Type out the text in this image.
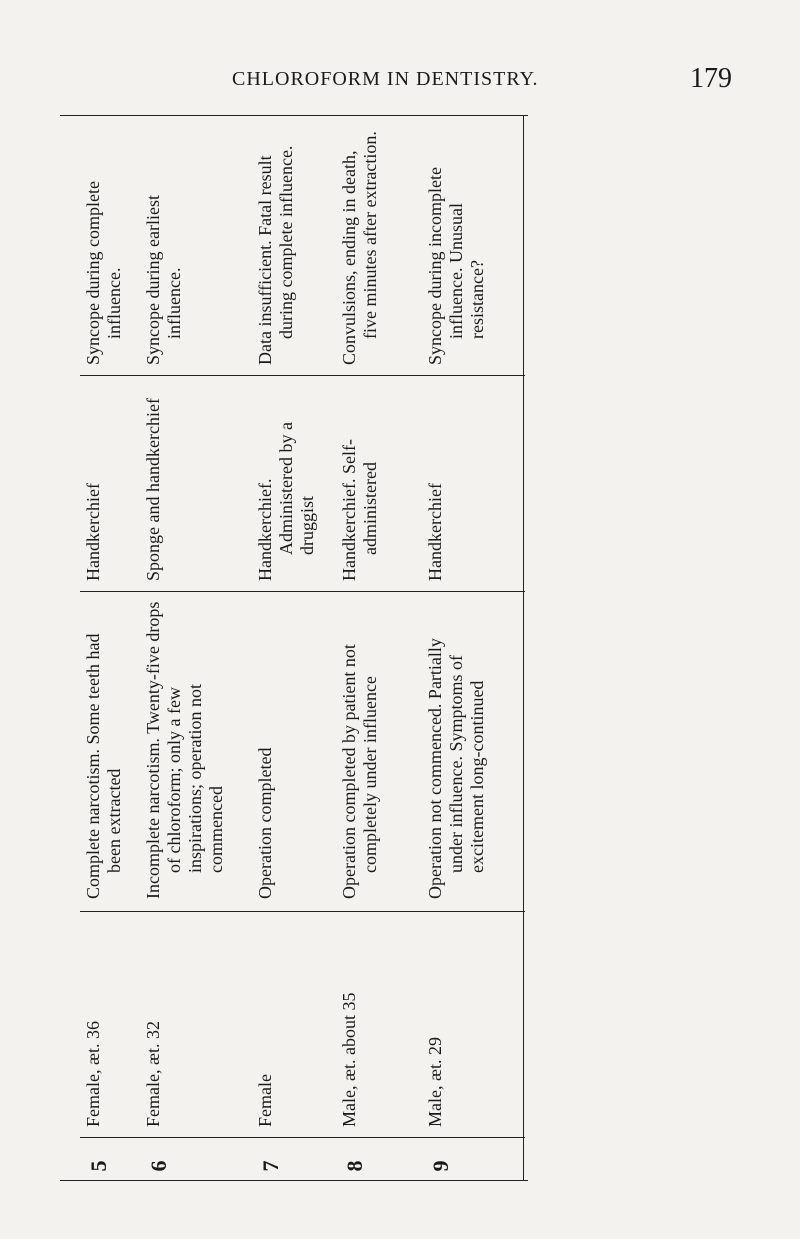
CHLOROFORM IN DENTISTRY.	179
5
Female, æt. 36
Complete narcotism. Some teeth had been extracted
Handkerchief
Syncope during complete influence.
6
Female, æt. 32
Incomplete narcotism. Twenty-five drops of chloroform; only a few inspirations; operation not commenced
Sponge and handkerchief
Syncope during earliest influence.
7
Female
Operation completed
Handkerchief. Administered by a druggist
Data insufficient. Fatal result during complete influence.
8
Male, æt. about 35
Operation completed by patient not completely under influence
Handkerchief. Self-administered
Convulsions, ending in death, five minutes after extraction.
9
Male, æt. 29
Operation not commenced. Partially under influence. Symptoms of excitement long-continued
Handkerchief
Syncope during incomplete influence. Unusual resistance?
